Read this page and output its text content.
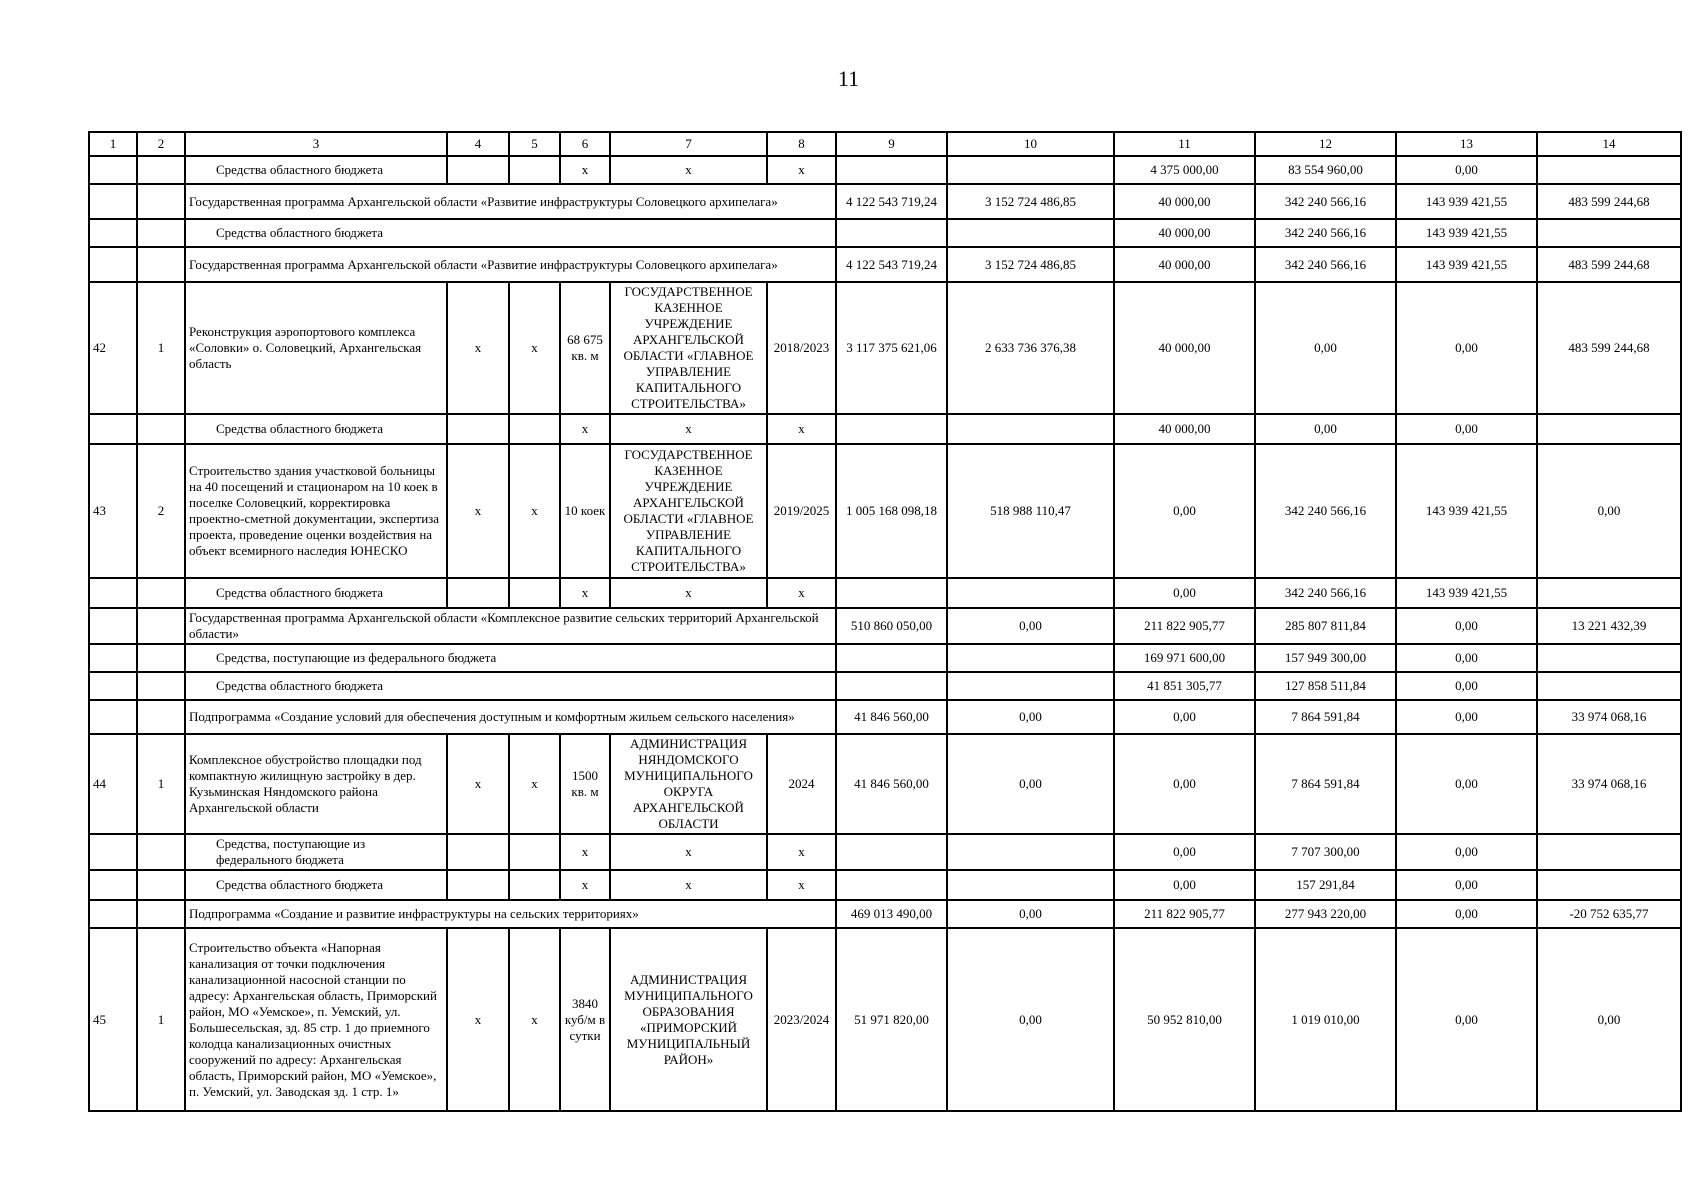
11
1	2	3	4	5	6	7	8	9	10	11	12	13	14
		Средства областного бюджета			х	х	х			4 375 000,00	83 554 960,00	0,00	
		Государственная программа Архангельской области «Развитие инфраструктуры Соловецкого архипелага»						4 122 543 719,24	3 152 724 486,85	40 000,00	342 240 566,16	143 939 421,55	483 599 244,68
		Средства областного бюджета								40 000,00	342 240 566,16	143 939 421,55	
		Государственная программа Архангельской области «Развитие инфраструктуры Соловецкого архипелага»						4 122 543 719,24	3 152 724 486,85	40 000,00	342 240 566,16	143 939 421,55	483 599 244,68
42	1	Реконструкция аэропортового комплекса «Соловки» о. Соловецкий, Архангельская область	х	х	68 675 кв. м	ГОСУДАРСТВЕННОЕ КАЗЕННОЕ УЧРЕЖДЕНИЕ АРХАНГЕЛЬСКОЙ ОБЛАСТИ «ГЛАВНОЕ УПРАВЛЕНИЕ КАПИТАЛЬНОГО СТРОИТЕЛЬСТВА»	2018/2023	3 117 375 621,06	2 633 736 376,38	40 000,00	0,00	0,00	483 599 244,68
		Средства областного бюджета			х	х	х			40 000,00	0,00	0,00	
43	2	Строительство здания участковой больницы на 40 посещений и стационаром на 10 коек в поселке Соловецкий, корректировка проектно-сметной документации, экспертиза проекта, проведение оценки воздействия на объект всемирного наследия ЮНЕСКО	х	х	10 коек	ГОСУДАРСТВЕННОЕ КАЗЕННОЕ УЧРЕЖДЕНИЕ АРХАНГЕЛЬСКОЙ ОБЛАСТИ «ГЛАВНОЕ УПРАВЛЕНИЕ КАПИТАЛЬНОГО СТРОИТЕЛЬСТВА»	2019/2025	1 005 168 098,18	518 988 110,47	0,00	342 240 566,16	143 939 421,55	0,00
		Средства областного бюджета			х	х	х			0,00	342 240 566,16	143 939 421,55	
		Государственная программа Архангельской области «Комплексное развитие сельских территорий Архангельской области»						510 860 050,00	0,00	211 822 905,77	285 807 811,84	0,00	13 221 432,39
		Средства, поступающие из федерального бюджета								169 971 600,00	157 949 300,00	0,00	
		Средства областного бюджета								41 851 305,77	127 858 511,84	0,00	
		Подпрограмма «Создание условий для обеспечения доступным и комфортным жильем сельского населения»						41 846 560,00	0,00	0,00	7 864 591,84	0,00	33 974 068,16
44	1	Комплексное обустройство площадки под компактную жилищную застройку в дер. Кузьминская Няндомского района Архангельской области	х	х	1500 кв. м	АДМИНИСТРАЦИЯ НЯНДОМСКОГО МУНИЦИПАЛЬНОГО ОКРУГА АРХАНГЕЛЬСКОЙ ОБЛАСТИ	2024	41 846 560,00	0,00	0,00	7 864 591,84	0,00	33 974 068,16
		Средства, поступающие из федерального бюджета			х	х	х			0,00	7 707 300,00	0,00	
		Средства областного бюджета			х	х	х			0,00	157 291,84	0,00	
		Подпрограмма «Создание и развитие инфраструктуры на сельских территориях»						469 013 490,00	0,00	211 822 905,77	277 943 220,00	0,00	-20 752 635,77
45	1	Строительство объекта «Напорная канализация от точки подключения канализационной насосной станции по адресу: Архангельская область, Приморский район, МО «Уемское», п. Уемский, ул. Большесельская, зд. 85 стр. 1 до приемного колодца канализационных очистных сооружений по адресу: Архангельская область, Приморский район, МО «Уемское», п. Уемский, ул. Заводская зд. 1 стр. 1»	х	х	3840 куб/м в сутки	АДМИНИСТРАЦИЯ МУНИЦИПАЛЬНОГО ОБРАЗОВАНИЯ «ПРИМОРСКИЙ МУНИЦИПАЛЬНЫЙ РАЙОН»	2023/2024	51 971 820,00	0,00	50 952 810,00	1 019 010,00	0,00	0,00
